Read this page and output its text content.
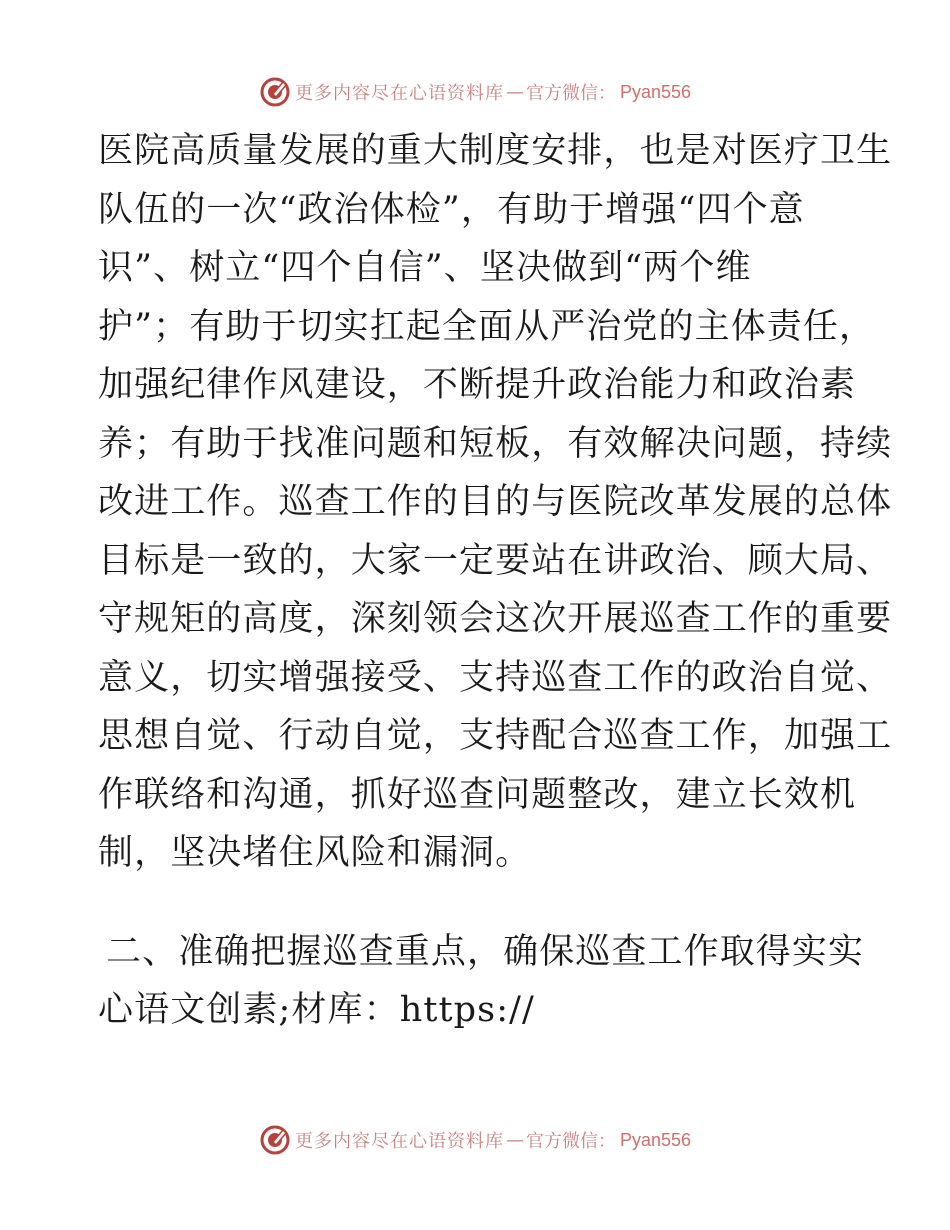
更多内容尽在心语资料库 — 官方微信： Pyan556
医院高质量发展的重大制度安排，也是对医疗卫生
队伍的一次“政治体检”，有助于增强“四个意
识”、树立“四个自信”、坚决做到“两个维
护”；有助于切实扛起全面从严治党的主体责任，
加强纪律作风建设，不断提升政治能力和政治素
养；有助于找准问题和短板，有效解决问题，持续
改进工作。巡查工作的目的与医院改革发展的总体
目标是一致的，大家一定要站在讲政治、顾大局、
守规矩的高度，深刻领会这次开展巡查工作的重要
意义，切实增强接受、支持巡查工作的政治自觉、
思想自觉、行动自觉，支持配合巡查工作，加强工
作联络和沟通，抓好巡查问题整改，建立长效机
制，坚决堵住风险和漏洞。
二、准确把握巡查重点，确保巡查工作取得实实
心语文创素;材库：https://
更多内容尽在心语资料库 — 官方微信： Pyan556
